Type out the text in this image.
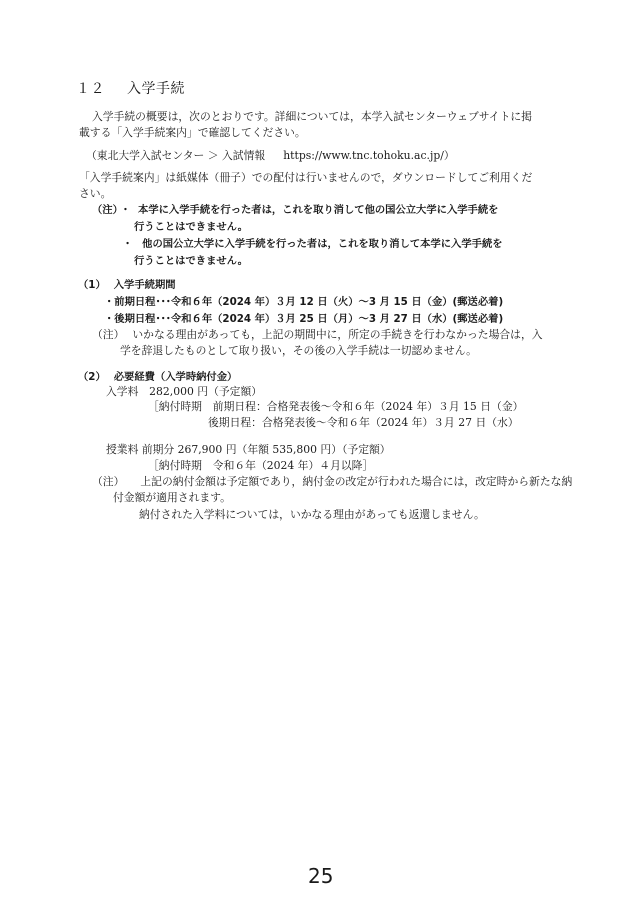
１２ 入学手続
入学手続の概要は，次のとおりです。詳細については，本学入試センターウェブサイトに掲
載する「入学手続案内」で確認してください。
（東北大学入試センター ＞ 入試情報 https://www.tnc.tohoku.ac.jp/）
「入学手続案内」は紙媒体（冊子）での配付は行いませんので，ダウンロードしてご利用くだ
さい。
（注）･ 本学に入学手続を行った者は，これを取り消して他の国公立大学に入学手続を
行うことはできません。
･ 他の国公立大学に入学手続を行った者は，これを取り消して本学に入学手続を
行うことはできません。
（1） 入学手続期間
・前期日程･･･令和６年（2024 年）３月 12 日（火）～3 月 15 日（金）(郵送必着)
・後期日程･･･令和６年（2024 年）３月 25 日（月）～3 月 27 日（水）(郵送必着)
（注） いかなる理由があっても，上記の期間中に，所定の手続きを行わなかった場合は，入
学を辞退したものとして取り扱い，その後の入学手続は一切認めません。
（2） 必要経費（入学時納付金）
入学料　282,000 円（予定額）
［納付時期　前期日程：合格発表後～令和６年（2024 年）３月 15 日（金）
後期日程：合格発表後～令和６年（2024 年）３月 27 日（水）
授業料 前期分 267,900 円（年額 535,800 円）（予定額）
［納付時期　令和６年（2024 年）４月以降］
（注） 上記の納付金額は予定額であり，納付金の改定が行われた場合には，改定時から新たな納
付金額が適用されます。
納付された入学料については，いかなる理由があっても返還しません。
25
